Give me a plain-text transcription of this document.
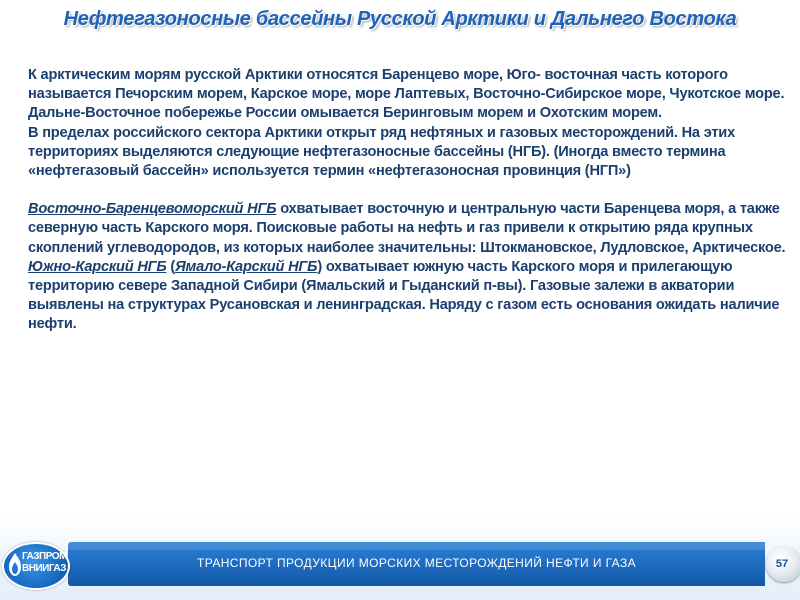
Нефтегазоносные бассейны Русской Арктики и Дальнего Востока

К арктическим морям русской Арктики относятся Баренцево море, Юго- восточная часть которого называется Печорским морем, Карское море, море Лаптевых, Восточно-Сибирское море, Чукотское море. Дальне-Восточное побережье России омывается Беринговым морем и Охотским морем.

В пределах российского сектора Арктики открыт ряд нефтяных и газовых месторождений. На этих территориях выделяются следующие нефтегазоносные бассейны (НГБ). (Иногда вместо термина «нефтегазовый бассейн» используется термин «нефтегазоносная провинция (НГП»)

Восточно-Баренцевоморский НГБ охватывает восточную и центральную части Баренцева моря, а также северную часть Карского моря. Поисковые работы на нефть и газ привели к открытию ряда крупных скоплений углеводородов, из которых наиболее значительны: Штокмановское, Лудловское, Арктическое.

Южно-Карский НГБ (Ямало-Карский НГБ) охватывает южную часть Карского моря и прилегающую территорию севере Западной Сибири (Ямальский и Гыданский п-вы). Газовые залежи в акватории выявлены на структурах Русановская и ленинградская. Наряду с газом есть основания ожидать наличие нефти.

ТРАНСПОРТ ПРОДУКЦИИ МОРСКИХ МЕСТОРОЖДЕНИЙ НЕФТИ И ГАЗА	57
ГАЗПРОМ
ВНИИГАЗ
